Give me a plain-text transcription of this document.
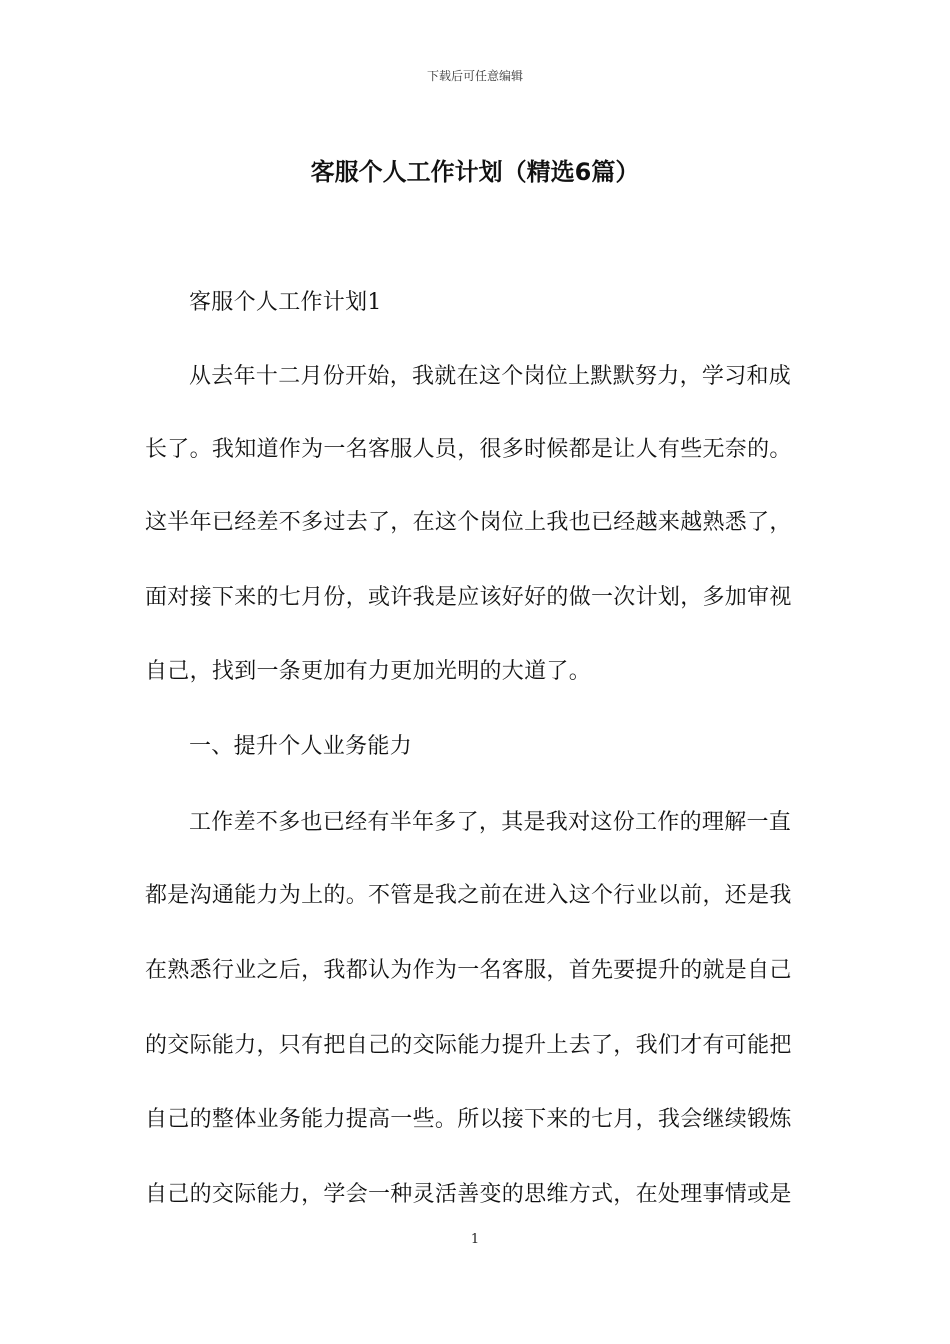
下载后可任意编辑
客服个人工作计划（精选6篇）
客服个人工作计划1
从去年十二月份开始，我就在这个岗位上默默努力，学习和成
长了。我知道作为一名客服人员，很多时候都是让人有些无奈的。
这半年已经差不多过去了，在这个岗位上我也已经越来越熟悉了，
面对接下来的七月份，或许我是应该好好的做一次计划，多加审视
自己，找到一条更加有力更加光明的大道了。
一、提升个人业务能力
工作差不多也已经有半年多了，其是我对这份工作的理解一直
都是沟通能力为上的。不管是我之前在进入这个行业以前，还是我
在熟悉行业之后，我都认为作为一名客服，首先要提升的就是自己
的交际能力，只有把自己的交际能力提升上去了，我们才有可能把
自己的整体业务能力提高一些。所以接下来的七月，我会继续锻炼
自己的交际能力，学会一种灵活善变的思维方式，在处理事情或是
1
